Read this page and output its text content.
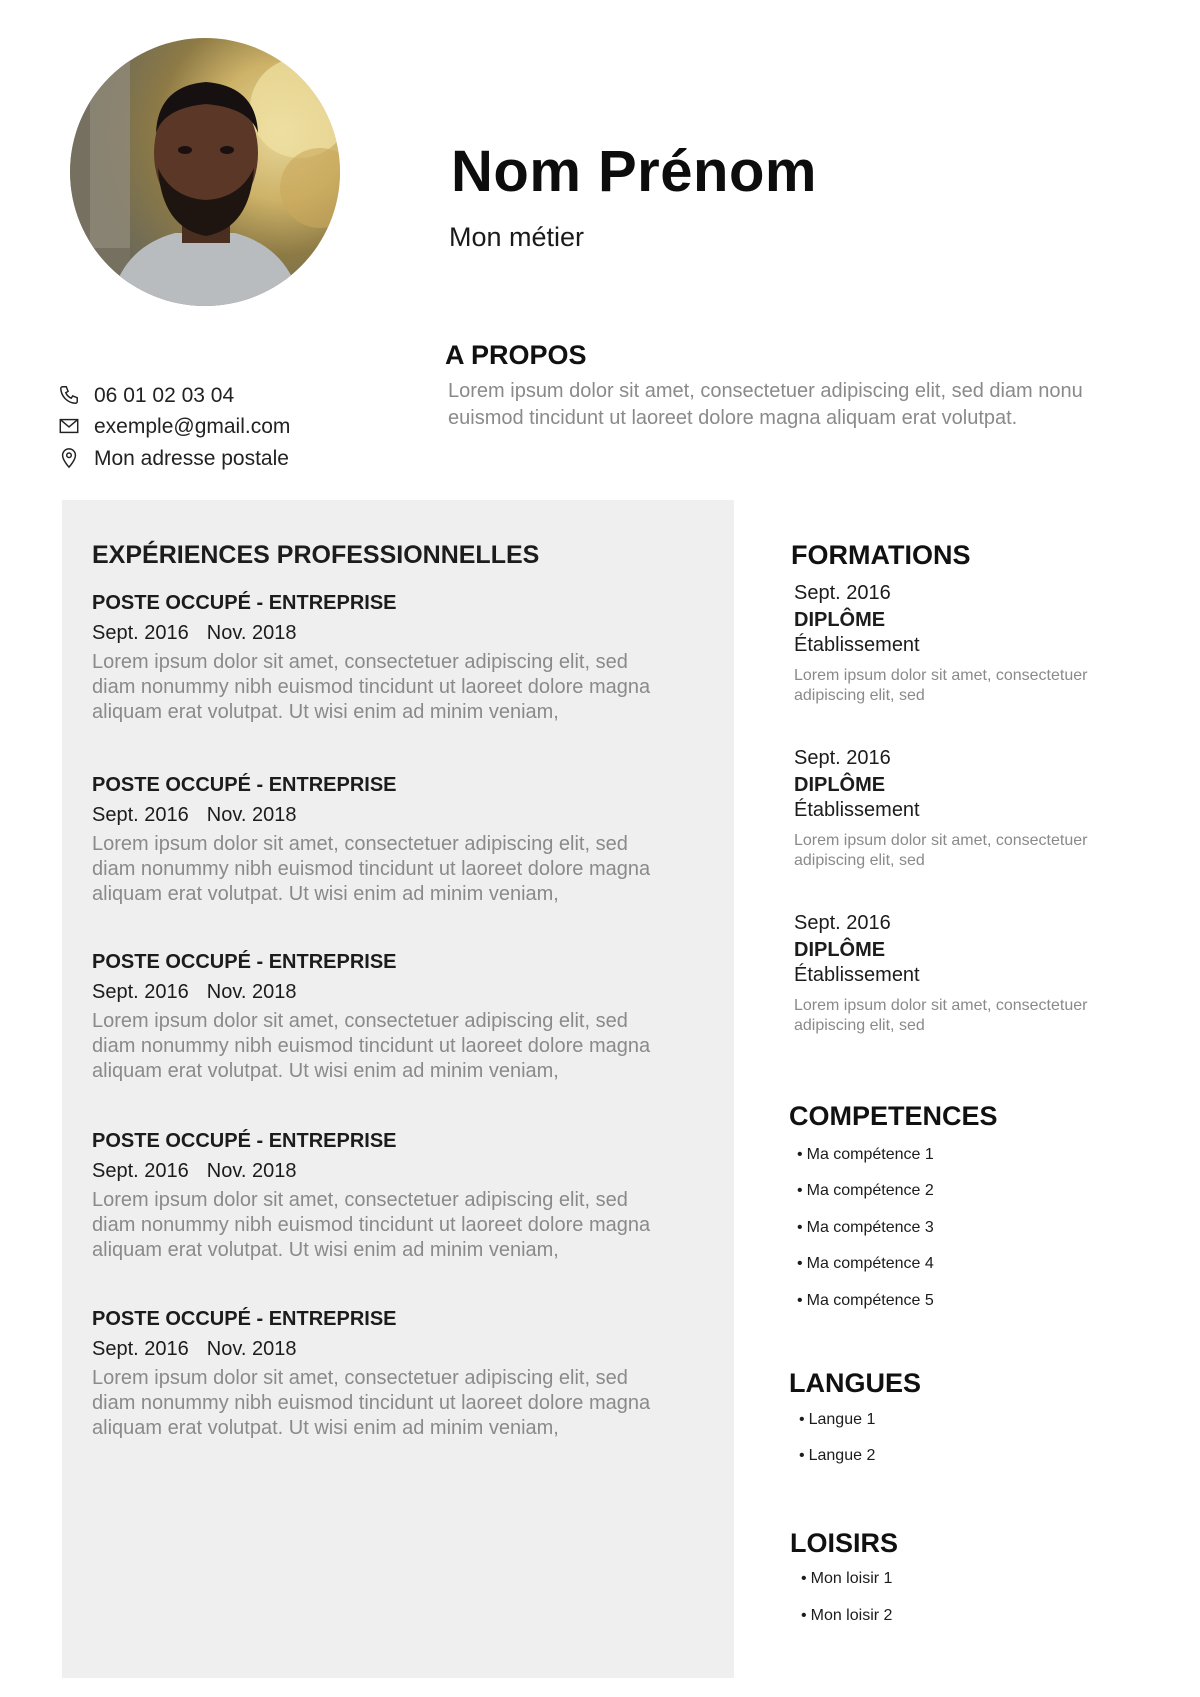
Nom Prénom
Mon métier
06 01 02 03 04
exemple@gmail.com
Mon adresse postale
A PROPOS
Lorem ipsum dolor sit amet, consectetuer adipiscing elit, sed diam nonu euismod tincidunt ut laoreet dolore magna aliquam erat volutpat.
EXPÉRIENCES PROFESSIONNELLES
POSTE OCCUPÉ - ENTREPRISE
Sept. 2016 Nov. 2018
Lorem ipsum dolor sit amet, consectetuer adipiscing elit, sed diam nonummy nibh euismod tincidunt ut laoreet dolore magna aliquam erat volutpat. Ut wisi enim ad minim veniam,
POSTE OCCUPÉ - ENTREPRISE
Sept. 2016 Nov. 2018
Lorem ipsum dolor sit amet, consectetuer adipiscing elit, sed diam nonummy nibh euismod tincidunt ut laoreet dolore magna aliquam erat volutpat. Ut wisi enim ad minim veniam,
POSTE OCCUPÉ - ENTREPRISE
Sept. 2016 Nov. 2018
Lorem ipsum dolor sit amet, consectetuer adipiscing elit, sed diam nonummy nibh euismod tincidunt ut laoreet dolore magna aliquam erat volutpat. Ut wisi enim ad minim veniam,
POSTE OCCUPÉ - ENTREPRISE
Sept. 2016 Nov. 2018
Lorem ipsum dolor sit amet, consectetuer adipiscing elit, sed diam nonummy nibh euismod tincidunt ut laoreet dolore magna aliquam erat volutpat. Ut wisi enim ad minim veniam,
POSTE OCCUPÉ - ENTREPRISE
Sept. 2016 Nov. 2018
Lorem ipsum dolor sit amet, consectetuer adipiscing elit, sed diam nonummy nibh euismod tincidunt ut laoreet dolore magna aliquam erat volutpat. Ut wisi enim ad minim veniam,
FORMATIONS
Sept. 2016
DIPLÔME
Établissement
Lorem ipsum dolor sit amet, consectetuer adipiscing elit, sed
Sept. 2016
DIPLÔME
Établissement
Lorem ipsum dolor sit amet, consectetuer adipiscing elit, sed
Sept. 2016
DIPLÔME
Établissement
Lorem ipsum dolor sit amet, consectetuer adipiscing elit, sed
COMPETENCES
• Ma compétence 1
• Ma compétence 2
• Ma compétence 3
• Ma compétence 4
• Ma compétence 5
LANGUES
• Langue 1
• Langue 2
LOISIRS
• Mon loisir 1
• Mon loisir 2
